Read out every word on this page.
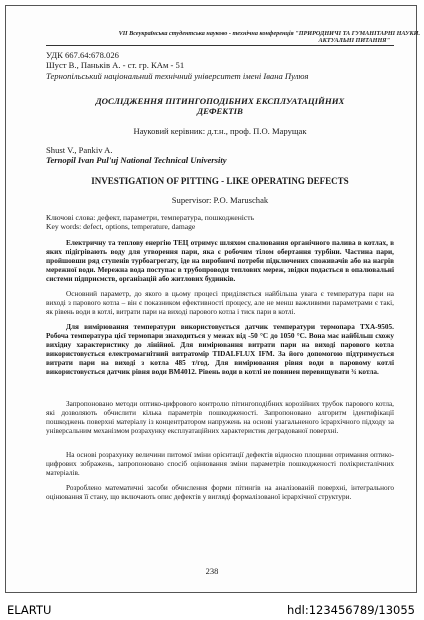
VII Всеукраїнська студентська науково - технічна конференція "ПРИРОДНИЧІ ТА ГУМАНІТАРНІ НАУКИ.
АКТУАЛЬНІ ПИТАННЯ"
УДК 667.64:678.026
Шуст В., Паньків А. - ст. гр. КАм - 51
Тернопільський національний технічний університет імені Івана Пулюя
ДОСЛІДЖЕННЯ ПІТИНГОПОДІБНИХ ЕКСПЛУАТАЦІЙНИХ
ДЕФЕКТІВ
Науковий керівник: д.т.н., проф. П.О. Марущак
Shust V., Pankiv A.
Ternopil Ivan Pul'uj National Technical University
INVESTIGATION OF PITTING - LIKE OPERATING DEFECTS
Supervisor: P.O. Maruschak
Ключові слова: дефект, параметри, температура, пошкодженість
Key words: defect, options, temperature, damage
Електричну та теплову енергію ТЕЦ отримує шляхом спалювання органічного палива в котлах, в яких підігрівають воду для утворення пари, яка є робочим тілом обертання турбіни. Частина пари, пройшовши ряд ступенів турбоагрегату, іде на виробничі потреби підключених споживачів або на нагрів мережної води. Мережна вода поступає в трубопроводи теплових мереж, звідки подається в опалювальні системи підприємств, організацій або житлових будинків.
Основний параметр, до якого в цьому процесі приділяється найбільша увага є температура пари на виході з парового котла – він є показником ефективності процесу, але не менш важливими параметрами є такі, як рівень води в котлі, витрати пари на виході парового котла і тиск пари в котлі.
Для вимірювання температури використовується датчик температури термопара ТХА-9505. Робоча температура цієї термопари знаходиться у межах від -50 °С до 1050 °С. Вона має найбільш схожу вихідну характеристику до лінійної. Для вимірювання витрати пари на виході парового котла використовується електромагнітний витратомір TIDALFLUX IFM. За його допомогою підтримується витрати пари на виході з котла 485 т/год. Для вимірювання рівня води в паровому котлі використовується датчик рівня води ВМ4012. Рівень води в котлі не повинен перевищувати ¾ котла.
Запропоновано методи оптико-цифрового контролю пітингоподібних корозійних трубок парового котла, які дозволяють обчислити кілька параметрів пошкодженості. Запропоновано алгоритм ідентифікації пошкоджень поверхні матеріалу із концентратором напружень на основі узагальненого ієрархічного підходу за універсальним механізмом розрахунку експлуатаційних характеристик деградованої поверхні.
На основі розрахунку величини питомої зміни орієнтації дефектів відносно площини отримання оптико-цифрових зображень, запропоновано спосіб оцінювання зміни параметрів пошкодженості полікристалічних матеріалів.
Розроблено математичні засоби обчислення форми пітингів на аналізованій поверхні, інтегрального оцінювання її стану, що включають опис дефектів у вигляді формалізованої ієрархічної структури.
238
ELARTU	hdl:123456789/13055
